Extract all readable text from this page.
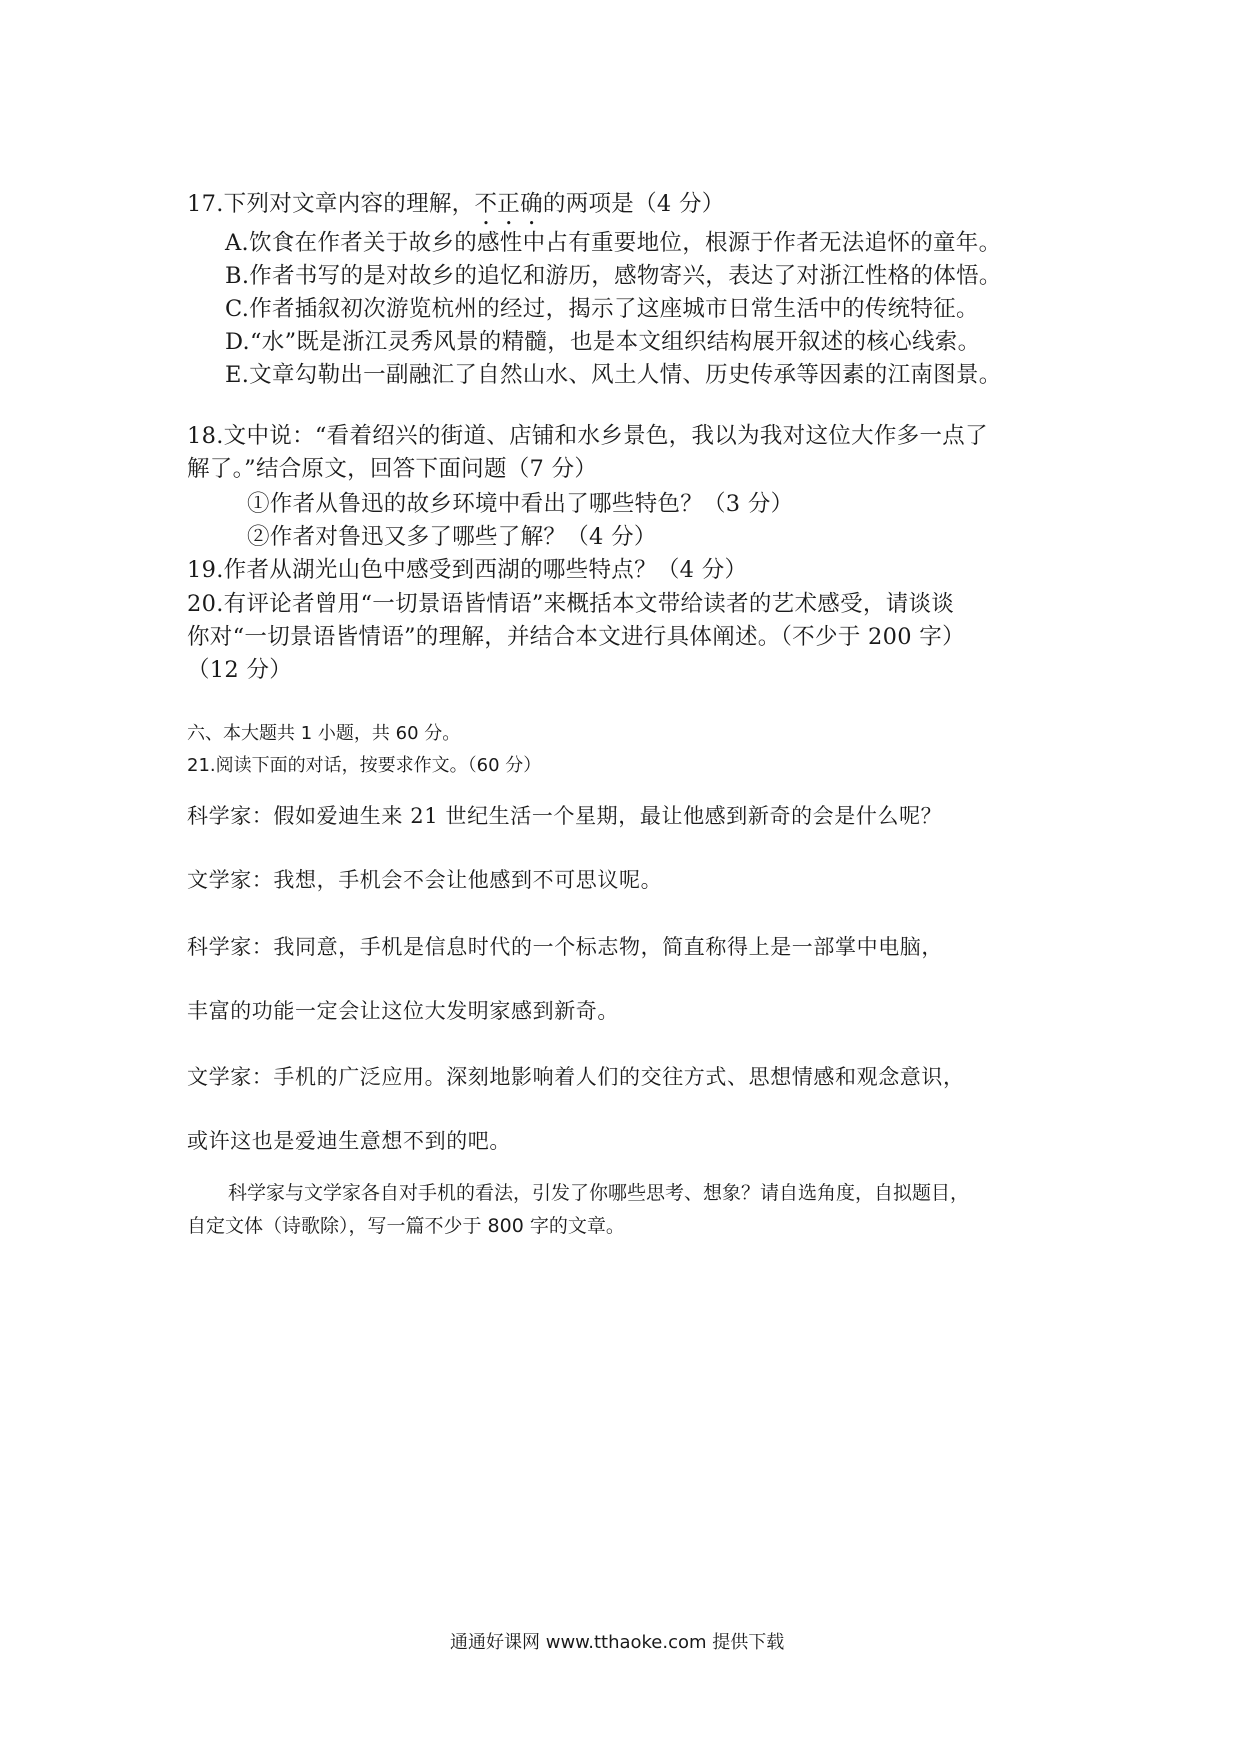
17.下列对文章内容的理解，不正确的两项是（4 分）
A.饮食在作者关于故乡的感性中占有重要地位，根源于作者无法追怀的童年。
B.作者书写的是对故乡的追忆和游历，感物寄兴，表达了对浙江性格的体悟。
C.作者插叙初次游览杭州的经过，揭示了这座城市日常生活中的传统特征。
D.“水”既是浙江灵秀风景的精髓，也是本文组织结构展开叙述的核心线索。
E.文章勾勒出一副融汇了自然山水、风土人情、历史传承等因素的江南图景。
18.文中说：“看着绍兴的街道、店铺和水乡景色，我以为我对这位大作多一点了
解了。”结合原文，回答下面问题（7 分）
①作者从鲁迅的故乡环境中看出了哪些特色？（3 分）
②作者对鲁迅又多了哪些了解？（4 分）
19.作者从湖光山色中感受到西湖的哪些特点？（4 分）
20.有评论者曾用“一切景语皆情语”来概括本文带给读者的艺术感受，请谈谈
你对“一切景语皆情语”的理解，并结合本文进行具体阐述。（不少于 200 字）
（12 分）
六、本大题共 1 小题，共 60 分。
21.阅读下面的对话，按要求作文。（60 分）
科学家：假如爱迪生来 21 世纪生活一个星期，最让他感到新奇的会是什么呢？
文学家：我想，手机会不会让他感到不可思议呢。
科学家：我同意，手机是信息时代的一个标志物，简直称得上是一部掌中电脑，
丰富的功能一定会让这位大发明家感到新奇。
文学家：手机的广泛应用。深刻地影响着人们的交往方式、思想情感和观念意识，
或许这也是爱迪生意想不到的吧。
科学家与文学家各自对手机的看法，引发了你哪些思考、想象？请自选角度，自拟题目，
自定文体（诗歌除），写一篇不少于 800 字的文章。
通通好课网 www.tthaoke.com 提供下载
